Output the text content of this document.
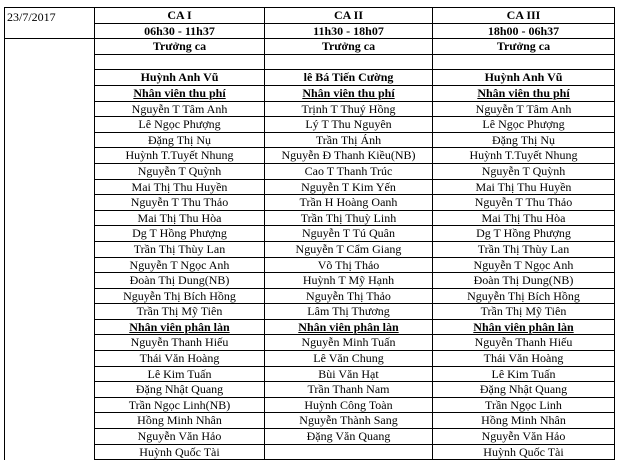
23/7/2017	CA I	CA II	CA III
	06h30 - 11h37	11h30 - 18h07	18h00 - 06h37
	Trưởng ca	Trưởng ca	Trưởng ca

	Huỳnh Anh Vũ	lê Bá Tiến Cường	Huỳnh Anh Vũ
	Nhân viên thu phí	Nhân viên thu phí	Nhân viên thu phí
	Nguyễn T Tâm Anh	Trịnh T Thuý Hồng	Nguyễn T Tâm Anh
	Lê Ngọc Phượng	Lý T Thu Nguyên	Lê Ngọc Phượng
	Đặng Thị Nụ	Trần Thị Ánh	Đặng Thị Nụ
	Huỳnh T.Tuyết Nhung	Nguyễn Đ Thanh Kiều(NB)	Huỳnh T.Tuyết Nhung
	Nguyễn T Quỳnh	Cao T Thanh Trúc	Nguyễn T Quỳnh
	Mai Thị Thu Huyền	Nguyễn T Kim Yến	Mai Thị Thu Huyền
	Nguyễn T Thu Thảo	Trần H Hoàng Oanh	Nguyễn T Thu Thảo
	Mai Thị Thu Hòa	Trần Thị Thuỳ Linh	Mai Thị Thu Hòa
	Dg T Hồng Phượng	Nguyễn T Tú Quân	Dg T Hồng Phượng
	Trần Thị Thùy Lan	Nguyễn T Cẩm Giang	Trần Thị Thùy Lan
	Nguyễn T Ngọc Anh	Võ Thị Thảo	Nguyễn T Ngọc Anh
	Đoàn Thị Dung(NB)	Huỳnh T Mỹ Hạnh	Đoàn Thị Dung(NB)
	Nguyễn Thị Bích Hồng	Nguyễn Thị Thảo	Nguyễn Thị Bích Hồng
	Trần Thị Mỹ Tiên	Lâm Thị Thương	Trần Thị Mỹ Tiên
	Nhân viên phân làn	Nhân viên phân làn	Nhân viên phân làn
	Nguyễn Thanh Hiếu	Nguyễn Minh Tuấn	Nguyễn Thanh Hiếu
	Thái Văn Hoàng	Lê Văn Chung	Thái Văn Hoàng
	Lê Kim Tuấn	Bùi Văn Hạt	Lê Kim Tuấn
	Đặng Nhật Quang	Trần Thanh Nam	Đặng Nhật Quang
	Trần Ngọc Linh(NB)	Huỳnh Công Toàn	Trần Ngọc Linh
	Hồng Minh Nhân	Nguyễn Thành Sang	Hồng Minh Nhân
	Nguyễn Văn Hảo	Đặng Văn Quang	Nguyễn Văn Hảo
	Huỳnh Quốc Tài		Huỳnh Quốc Tài
